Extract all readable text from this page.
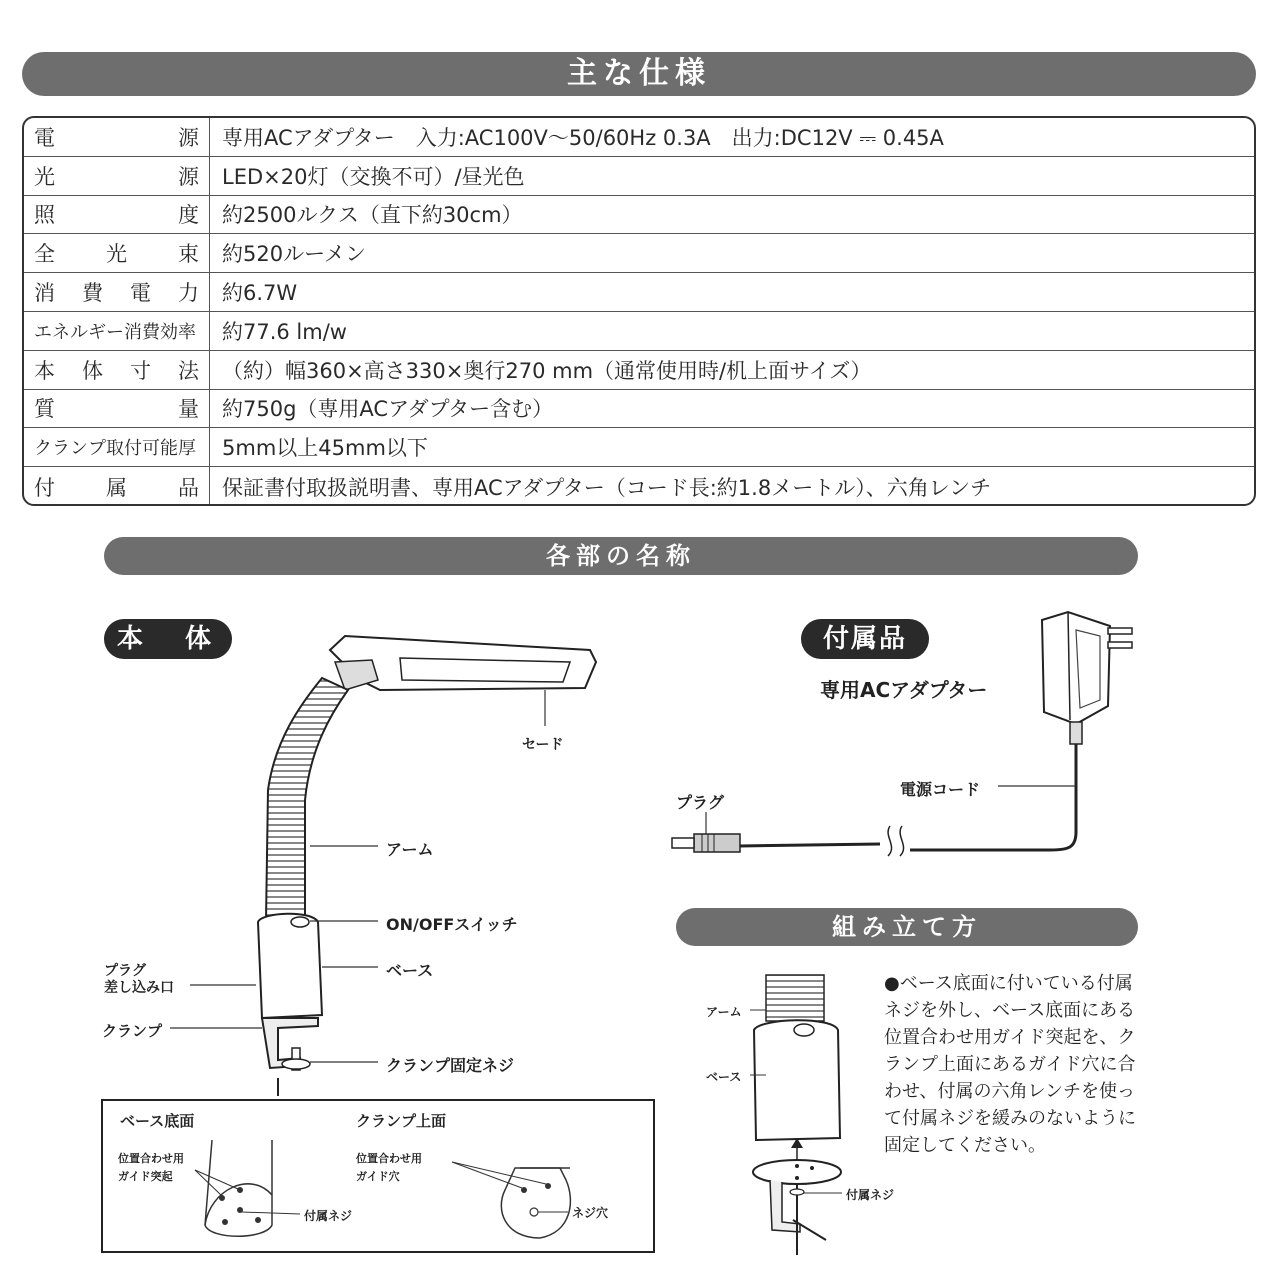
主な仕様
電源	専用ACアダプター　入力:AC100V〜50/60Hz 0.3A　出力:DC12V ⎓ 0.45A
光源	LED×20灯（交換不可）/昼光色
照度	約2500ルクス（直下約30cm）
全光束	約520ルーメン
消費電力	約6.7W
エネルギー消費効率	約77.6 lm/w
本体寸法	（約）幅360×高さ330×奥行270 mm（通常使用時/机上面サイズ）
質量	約750g（専用ACアダプター含む）
クランプ取付可能厚	5mm以上45mm以下
付属品	保証書付取扱説明書、専用ACアダプター（コード長:約1.8メートル）、六角レンチ
各部の名称
本　体	付属品
組み立て方
セード
アーム
ON/OFFスイッチ
ベース
プラグ
差し込み口
クランプ
クランプ固定ネジ
ベース底面	クランプ上面
位置合わせ用
ガイド突起
付属ネジ
位置合わせ用
ガイド穴
ネジ穴
専用ACアダプター
電源コード
プラグ
アーム
ベース
付属ネジ
●ベース底面に付いている付属ネジを外し、ベース底面にある位置合わせ用ガイド突起を、クランプ上面にあるガイド穴に合わせ、付属の六角レンチを使って付属ネジを緩みのないように固定してください。
